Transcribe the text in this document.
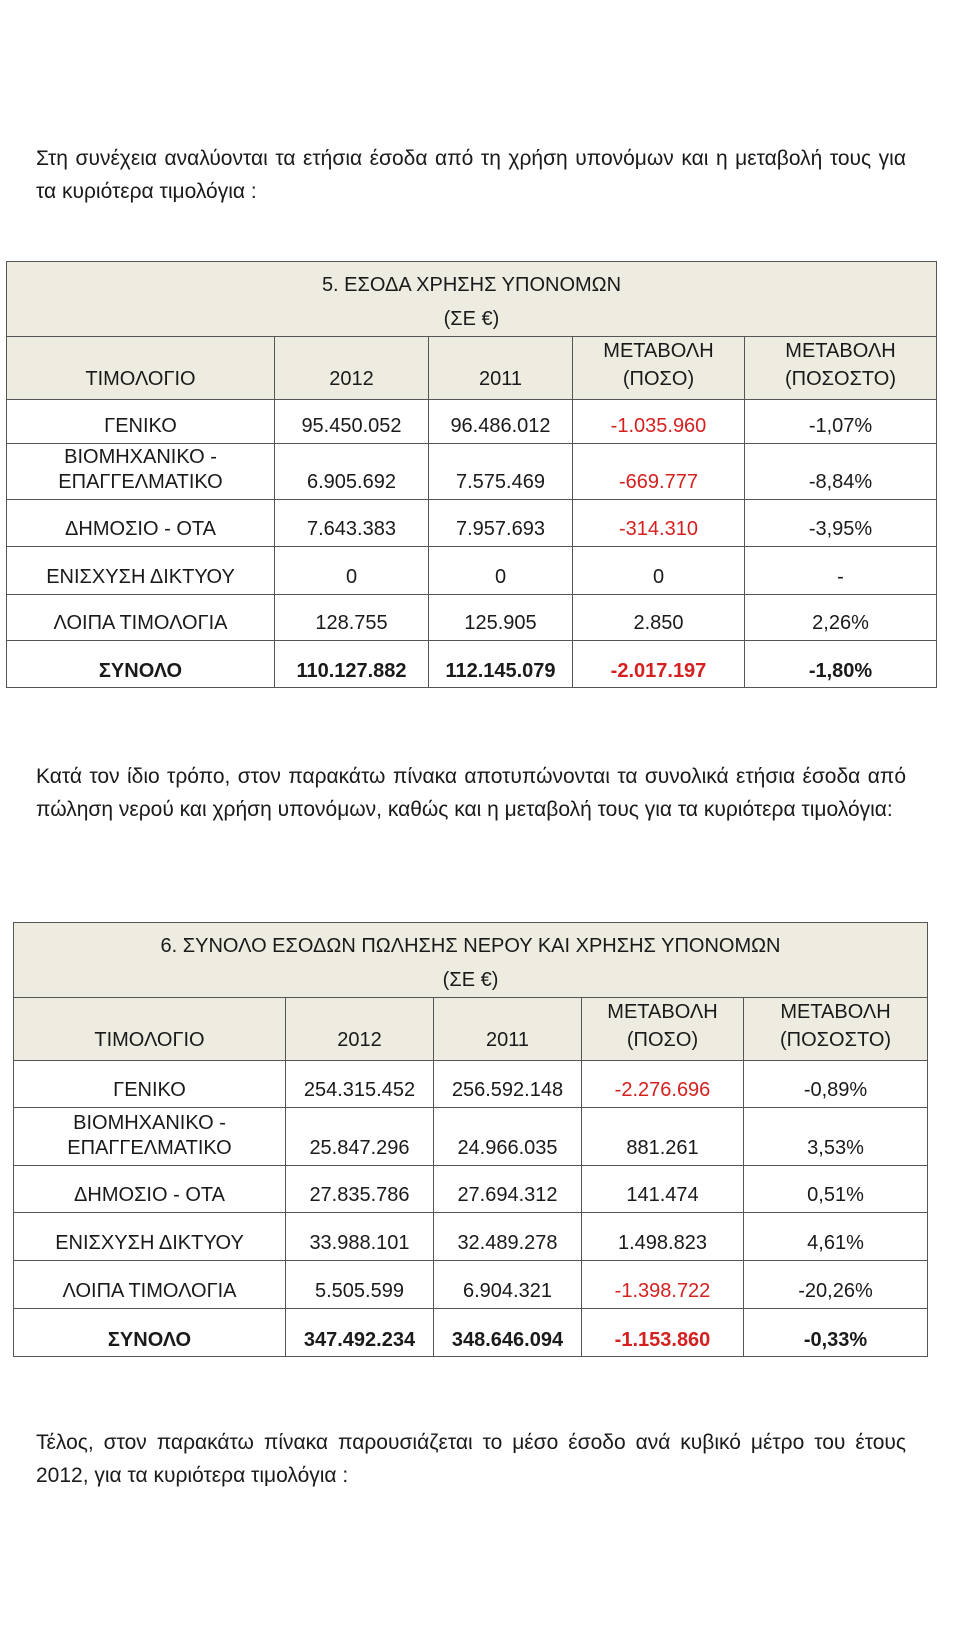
Στη συνέχεια αναλύονται τα ετήσια έσοδα από τη χρήση υπονόμων και η μεταβολή τους για τα κυριότερα τιμολόγια :

5. ΕΣΟΔΑ ΧΡΗΣΗΣ ΥΠΟΝΟΜΩΝ
(ΣΕ €)				

ΤΙΜΟΛΟΓΙΟ	2012	2011	ΜΕΤΑΒΟΛΗ (ΠΟΣΟ)	ΜΕΤΑΒΟΛΗ (ΠΟΣΟΣΤΟ)
ΓΕΝΙΚΟ	95.450.052	96.486.012	-1.035.960	-1,07%
ΒΙΟΜΗΧΑΝΙΚΟ - ΕΠΑΓΓΕΛΜΑΤΙΚΟ	6.905.692	7.575.469	-669.777	-8,84%
ΔΗΜΟΣΙΟ - ΟΤΑ	7.643.383	7.957.693	-314.310	-3,95%
ΕΝΙΣΧΥΣΗ ΔΙΚΤΥΟΥ	0	0	0	-
ΛΟΙΠΑ ΤΙΜΟΛΟΓΙΑ	128.755	125.905	2.850	2,26%
ΣΥΝΟΛΟ	110.127.882	112.145.079	-2.017.197	-1,80%

Κατά τον ίδιο τρόπο, στον παρακάτω πίνακα αποτυπώνονται τα συνολικά ετήσια έσοδα από πώληση νερού και χρήση υπονόμων, καθώς και η μεταβολή τους για τα κυριότερα τιμολόγια:

6. ΣΥΝΟΛΟ ΕΣΟΔΩΝ ΠΩΛΗΣΗΣ ΝΕΡΟΥ ΚΑΙ ΧΡΗΣΗΣ ΥΠΟΝΟΜΩΝ
(ΣΕ €)				

ΤΙΜΟΛΟΓΙΟ	2012	2011	ΜΕΤΑΒΟΛΗ (ΠΟΣΟ)	ΜΕΤΑΒΟΛΗ (ΠΟΣΟΣΤΟ)
ΓΕΝΙΚΟ	254.315.452	256.592.148	-2.276.696	-0,89%
ΒΙΟΜΗΧΑΝΙΚΟ - ΕΠΑΓΓΕΛΜΑΤΙΚΟ	25.847.296	24.966.035	881.261	3,53%
ΔΗΜΟΣΙΟ - ΟΤΑ	27.835.786	27.694.312	141.474	0,51%
ΕΝΙΣΧΥΣΗ ΔΙΚΤΥΟΥ	33.988.101	32.489.278	1.498.823	4,61%
ΛΟΙΠΑ ΤΙΜΟΛΟΓΙΑ	5.505.599	6.904.321	-1.398.722	-20,26%
ΣΥΝΟΛΟ	347.492.234	348.646.094	-1.153.860	-0,33%

Τέλος, στον παρακάτω πίνακα παρουσιάζεται το μέσο έσοδο ανά κυβικό μέτρο του έτους 2012, για τα κυριότερα τιμολόγια :
